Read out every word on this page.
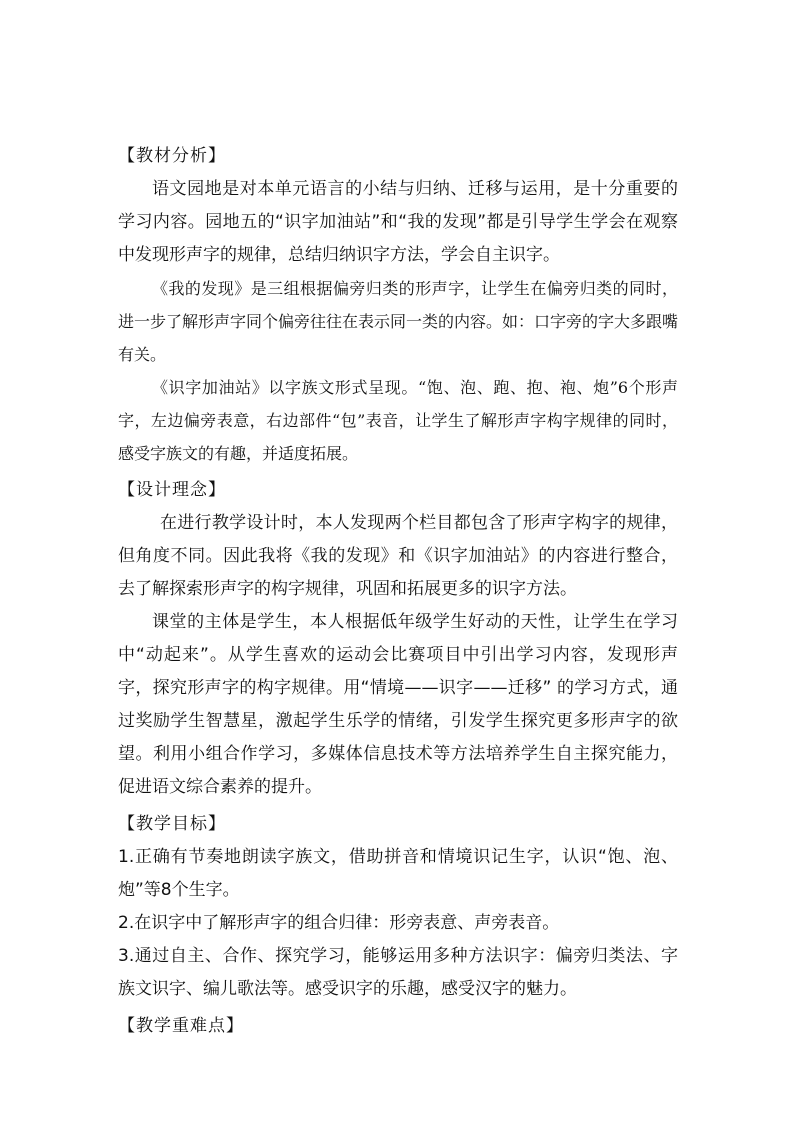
【教材分析】

语文园地是对本单元语言的小结与归纳、迁移与运用，是十分重要的学习内容。园地五的“识字加油站”和“我的发现”都是引导学生学会在观察中发现形声字的规律，总结归纳识字方法，学会自主识字。

《我的发现》是三组根据偏旁归类的形声字，让学生在偏旁归类的同时，进一步了解形声字同个偏旁往往在表示同一类的内容。如：口字旁的字大多跟嘴有关。

《识字加油站》以字族文形式呈现。“饱、泡、跑、抱、袍、炮”6个形声字，左边偏旁表意，右边部件“包”表音，让学生了解形声字构字规律的同时，感受字族文的有趣，并适度拓展。

【设计理念】

在进行教学设计时，本人发现两个栏目都包含了形声字构字的规律，但角度不同。因此我将《我的发现》和《识字加油站》的内容进行整合，去了解探索形声字的构字规律，巩固和拓展更多的识字方法。

课堂的主体是学生，本人根据低年级学生好动的天性，让学生在学习中“动起来”。从学生喜欢的运动会比赛项目中引出学习内容，发现形声字，探究形声字的构字规律。用“情境——识字——迁移” 的学习方式，通过奖励学生智慧星，激起学生乐学的情绪，引发学生探究更多形声字的欲望。利用小组合作学习，多媒体信息技术等方法培养学生自主探究能力，促进语文综合素养的提升。

【教学目标】

1.正确有节奏地朗读字族文，借助拼音和情境识记生字，认识“饱、泡、炮”等8个生字。

2.在识字中了解形声字的组合归律：形旁表意、声旁表音。

3.通过自主、合作、探究学习，能够运用多种方法识字：偏旁归类法、字族文识字、编儿歌法等。感受识字的乐趣，感受汉字的魅力。

【教学重难点】
